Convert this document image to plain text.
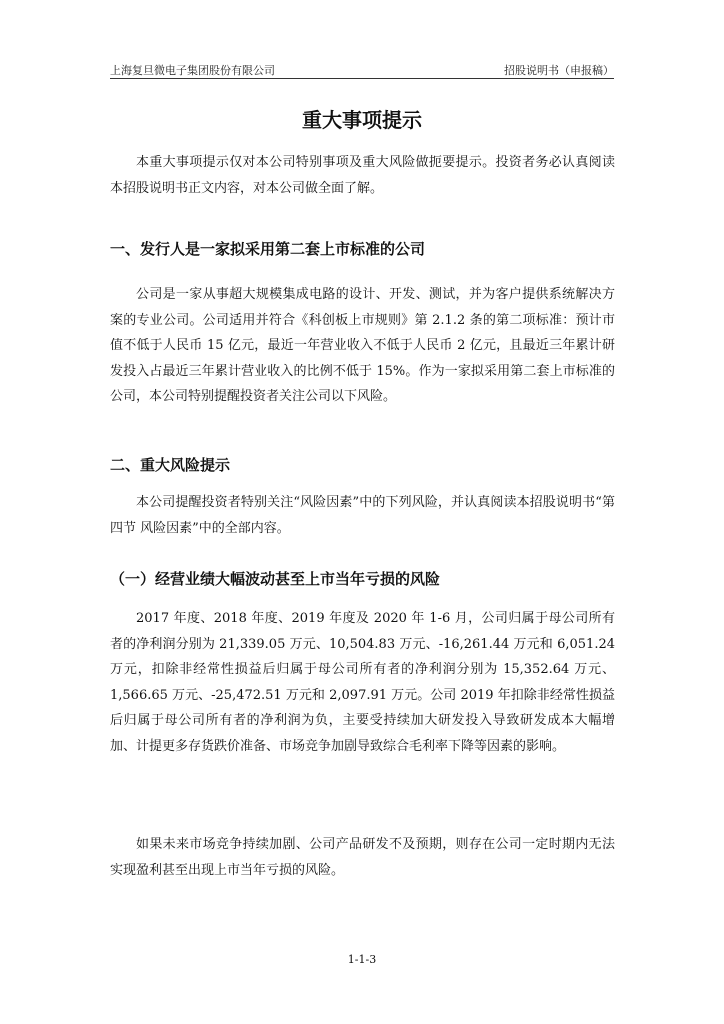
上海复旦微电子集团股份有限公司	招股说明书（申报稿）
重大事项提示

本重大事项提示仅对本公司特别事项及重大风险做扼要提示。投资者务必认真阅读本招股说明书正文内容，对本公司做全面了解。

一、发行人是一家拟采用第二套上市标准的公司

公司是一家从事超大规模集成电路的设计、开发、测试，并为客户提供系统解决方案的专业公司。公司适用并符合《科创板上市规则》第 2.1.2 条的第二项标准：预计市值不低于人民币 15 亿元，最近一年营业收入不低于人民币 2 亿元，且最近三年累计研发投入占最近三年累计营业收入的比例不低于 15%。作为一家拟采用第二套上市标准的公司，本公司特别提醒投资者关注公司以下风险。

二、重大风险提示

本公司提醒投资者特别关注“风险因素”中的下列风险，并认真阅读本招股说明书“第四节 风险因素”中的全部内容。

（一）经营业绩大幅波动甚至上市当年亏损的风险

2017 年度、2018 年度、2019 年度及 2020 年 1-6 月，公司归属于母公司所有者的净利润分别为 21,339.05 万元、10,504.83 万元、-16,261.44 万元和 6,051.24 万元，扣除非经常性损益后归属于母公司所有者的净利润分别为 15,352.64 万元、1,566.65 万元、-25,472.51 万元和 2,097.91 万元。公司 2019 年扣除非经常性损益后归属于母公司所有者的净利润为负，主要受持续加大研发投入导致研发成本大幅增加、计提更多存货跌价准备、市场竞争加剧导致综合毛利率下降等因素的影响。

如果未来市场竞争持续加剧、公司产品研发不及预期，则存在公司一定时期内无法实现盈利甚至出现上市当年亏损的风险。

1-1-3
